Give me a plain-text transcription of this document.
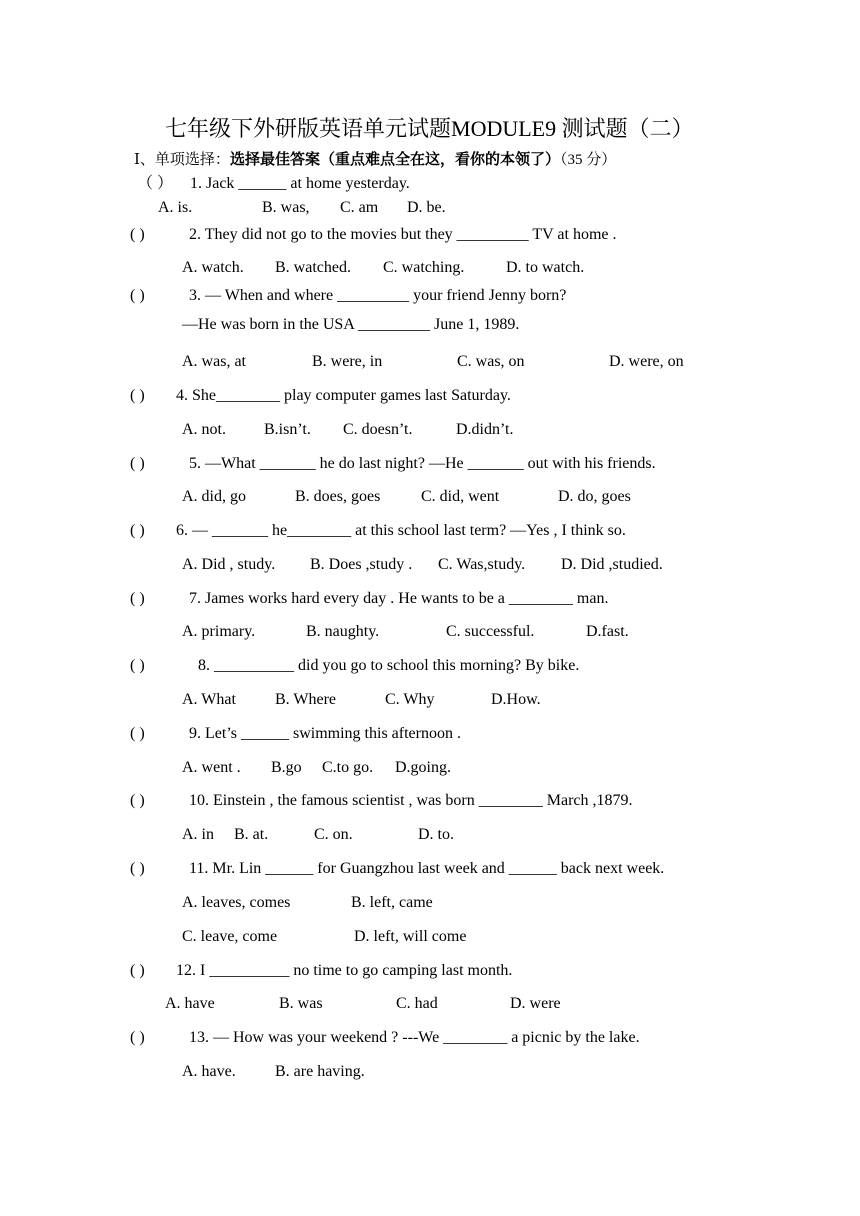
七年级下外研版英语单元试题MODULE9 测试题（二）
Ⅰ、单项选择：选择最佳答案（重点难点全在这，看你的本领了）（35 分）
（ ） 1. Jack ______ at home yesterday.
A. is.	B. was, C. am D. be.
( )	2. They did not go to the movies but they _________ TV at home .
A. watch. B. watched. C. watching.	D. to watch.
( )	3. — When and where _________ your friend Jenny born?
—He was born in the USA _________ June 1, 1989.
A. was, at	B. were, in	C. was, on	D. were, on
( ) 4. She________ play computer games last Saturday.
A. not. B.isn’t. C. doesn’t.	D.didn’t.
( )	5. —What _______ he do last night? —He _______ out with his friends.
A. did, go	B. does, goes	C. did, went	D. do, goes
( ) 6. — _______ he________ at this school last term? —Yes , I think so.
A. Did , study. B. Does ,study . C. Was,study. D. Did ,studied.
( )	7. James works hard every day . He wants to be a ________ man.
A. primary.	B. naughty.	C. successful.	D.fast.
( )	8. __________ did you go to school this morning? By bike.
A. What B. Where	C. Why	D.How.
( )	9. Let’s ______ swimming this afternoon .
A. went . B.go C.to go. D.going.
( )	10. Einstein , the famous scientist , was born ________ March ,1879.
A. in B. at.	C. on.	D. to.
( )	11. Mr. Lin ______ for Guangzhou last week and ______ back next week.
A. leaves, comes	B. left, came
C. leave, come	D. left, will come
( ) 12. I __________ no time to go camping last month.
A. have	B. was	C. had	D. were
( )	13. — How was your weekend ? ---We ________ a picnic by the lake.
A. have. B. are having.
